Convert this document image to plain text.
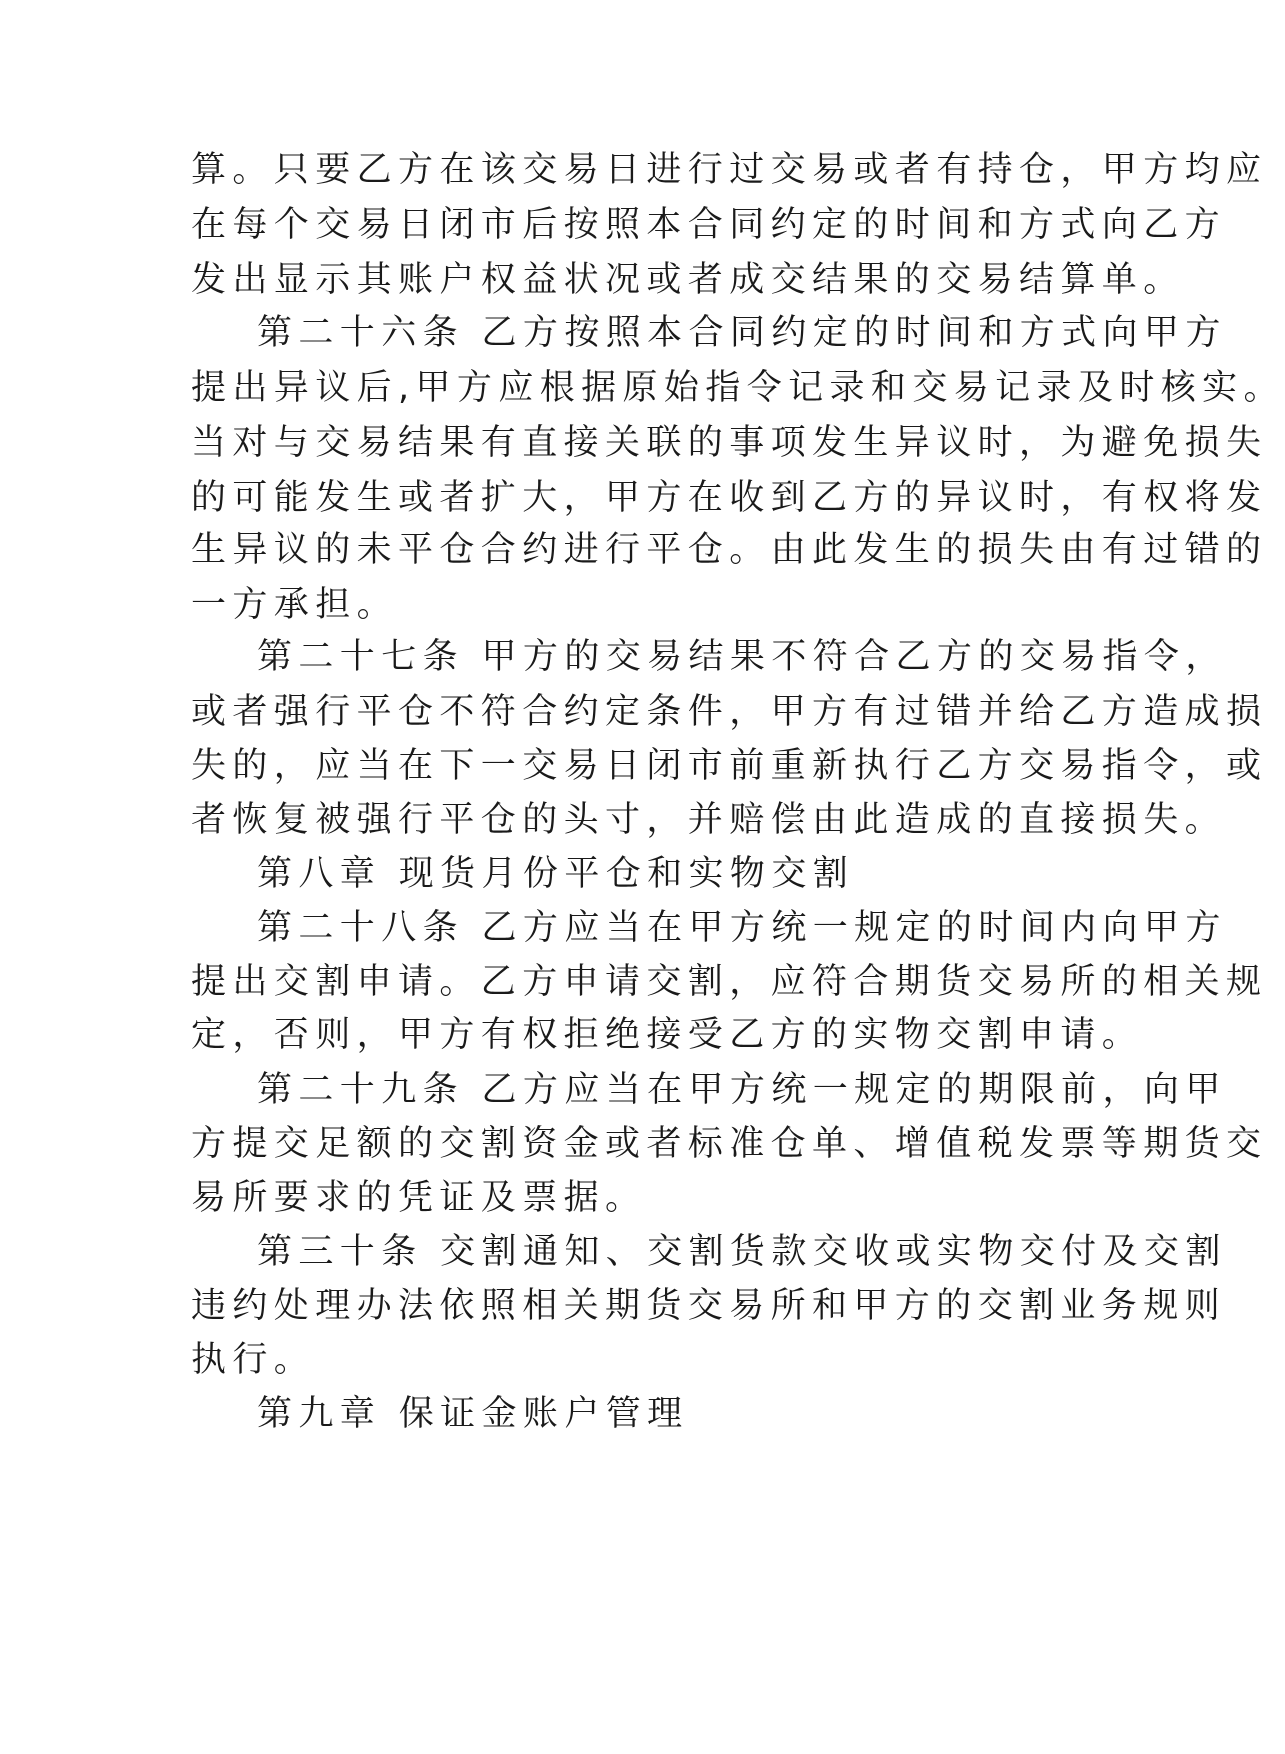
算。只要乙方在该交易日进行过交易或者有持仓，甲方均应
在每个交易日闭市后按照本合同约定的时间和方式向乙方
发出显示其账户权益状况或者成交结果的交易结算单。
第二十六条 乙方按照本合同约定的时间和方式向甲方
提出异议后,甲方应根据原始指令记录和交易记录及时核实。
当对与交易结果有直接关联的事项发生异议时，为避免损失
的可能发生或者扩大，甲方在收到乙方的异议时，有权将发
生异议的未平仓合约进行平仓。由此发生的损失由有过错的
一方承担。
第二十七条 甲方的交易结果不符合乙方的交易指令，
或者强行平仓不符合约定条件，甲方有过错并给乙方造成损
失的，应当在下一交易日闭市前重新执行乙方交易指令，或
者恢复被强行平仓的头寸，并赔偿由此造成的直接损失。
第八章 现货月份平仓和实物交割
第二十八条 乙方应当在甲方统一规定的时间内向甲方
提出交割申请。乙方申请交割，应符合期货交易所的相关规
定，否则，甲方有权拒绝接受乙方的实物交割申请。
第二十九条 乙方应当在甲方统一规定的期限前，向甲
方提交足额的交割资金或者标准仓单、增值税发票等期货交
易所要求的凭证及票据。
第三十条 交割通知、交割货款交收或实物交付及交割
违约处理办法依照相关期货交易所和甲方的交割业务规则
执行。
第九章 保证金账户管理
